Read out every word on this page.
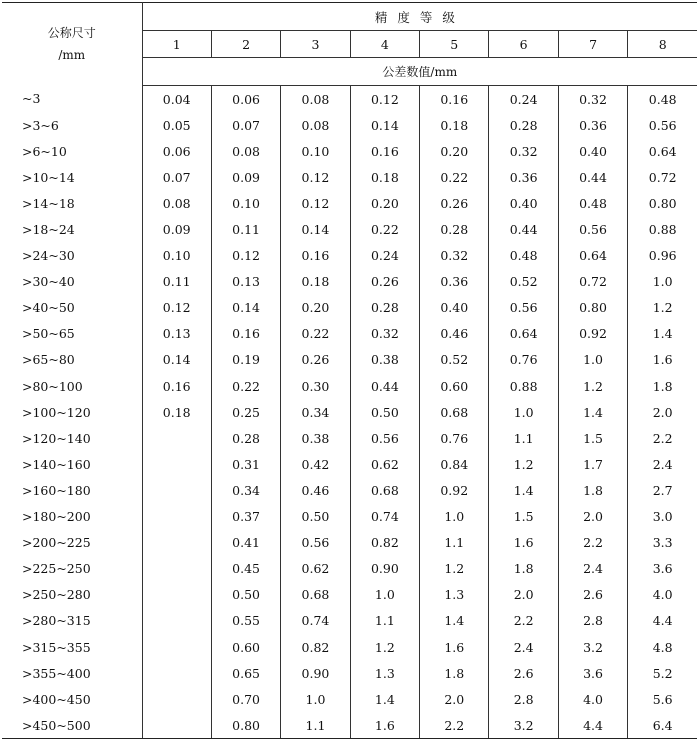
公称尺寸
/mm	精度等级							
	1	2	3	4	5	6	7	8
	公差数值/mm							
~3	0.04	0.06	0.08	0.12	0.16	0.24	0.32	0.48
>3~6	0.05	0.07	0.08	0.14	0.18	0.28	0.36	0.56
>6~10	0.06	0.08	0.10	0.16	0.20	0.32	0.40	0.64
>10~14	0.07	0.09	0.12	0.18	0.22	0.36	0.44	0.72
>14~18	0.08	0.10	0.12	0.20	0.26	0.40	0.48	0.80
>18~24	0.09	0.11	0.14	0.22	0.28	0.44	0.56	0.88
>24~30	0.10	0.12	0.16	0.24	0.32	0.48	0.64	0.96
>30~40	0.11	0.13	0.18	0.26	0.36	0.52	0.72	1.0
>40~50	0.12	0.14	0.20	0.28	0.40	0.56	0.80	1.2
>50~65	0.13	0.16	0.22	0.32	0.46	0.64	0.92	1.4
>65~80	0.14	0.19	0.26	0.38	0.52	0.76	1.0	1.6
>80~100	0.16	0.22	0.30	0.44	0.60	0.88	1.2	1.8
>100~120	0.18	0.25	0.34	0.50	0.68	1.0	1.4	2.0
>120~140		0.28	0.38	0.56	0.76	1.1	1.5	2.2
>140~160		0.31	0.42	0.62	0.84	1.2	1.7	2.4
>160~180		0.34	0.46	0.68	0.92	1.4	1.8	2.7
>180~200		0.37	0.50	0.74	1.0	1.5	2.0	3.0
>200~225		0.41	0.56	0.82	1.1	1.6	2.2	3.3
>225~250		0.45	0.62	0.90	1.2	1.8	2.4	3.6
>250~280		0.50	0.68	1.0	1.3	2.0	2.6	4.0
>280~315		0.55	0.74	1.1	1.4	2.2	2.8	4.4
>315~355		0.60	0.82	1.2	1.6	2.4	3.2	4.8
>355~400		0.65	0.90	1.3	1.8	2.6	3.6	5.2
>400~450		0.70	1.0	1.4	2.0	2.8	4.0	5.6
>450~500		0.80	1.1	1.6	2.2	3.2	4.4	6.4
